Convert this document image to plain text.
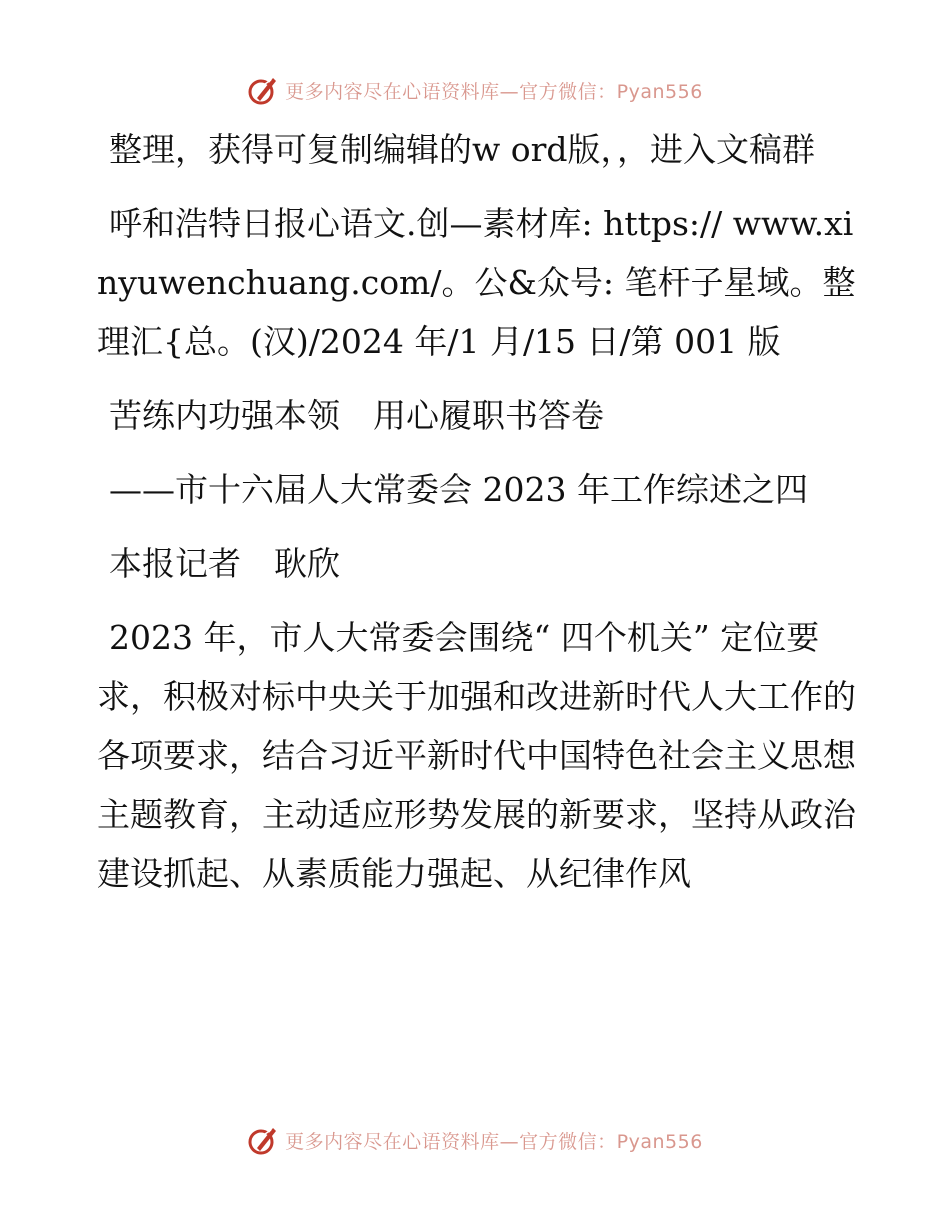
更多内容尽在心语资料库—官方微信：Pyan556

整理，获得可复制编辑的w ord版，，进入文稿群

呼和浩特日报心语文.创—素材库: https:// www.xinyuwenchuang.com/。公&众号: 笔杆子星域。整理汇{总。(汉)/2024 年/1 月/15 日/第 001 版

苦练内功强本领　用心履职书答卷

——市十六届人大常委会 2023 年工作综述之四

本报记者　耿欣

2023 年，市人大常委会围绕“ 四个机关” 定位要求，积极对标中央关于加强和改进新时代人大工作的各项要求，结合习近平新时代中国特色社会主义思想主题教育，主动适应形势发展的新要求，坚持从政治建设抓起、从素质能力强起、从纪律作风

更多内容尽在心语资料库—官方微信：Pyan556
